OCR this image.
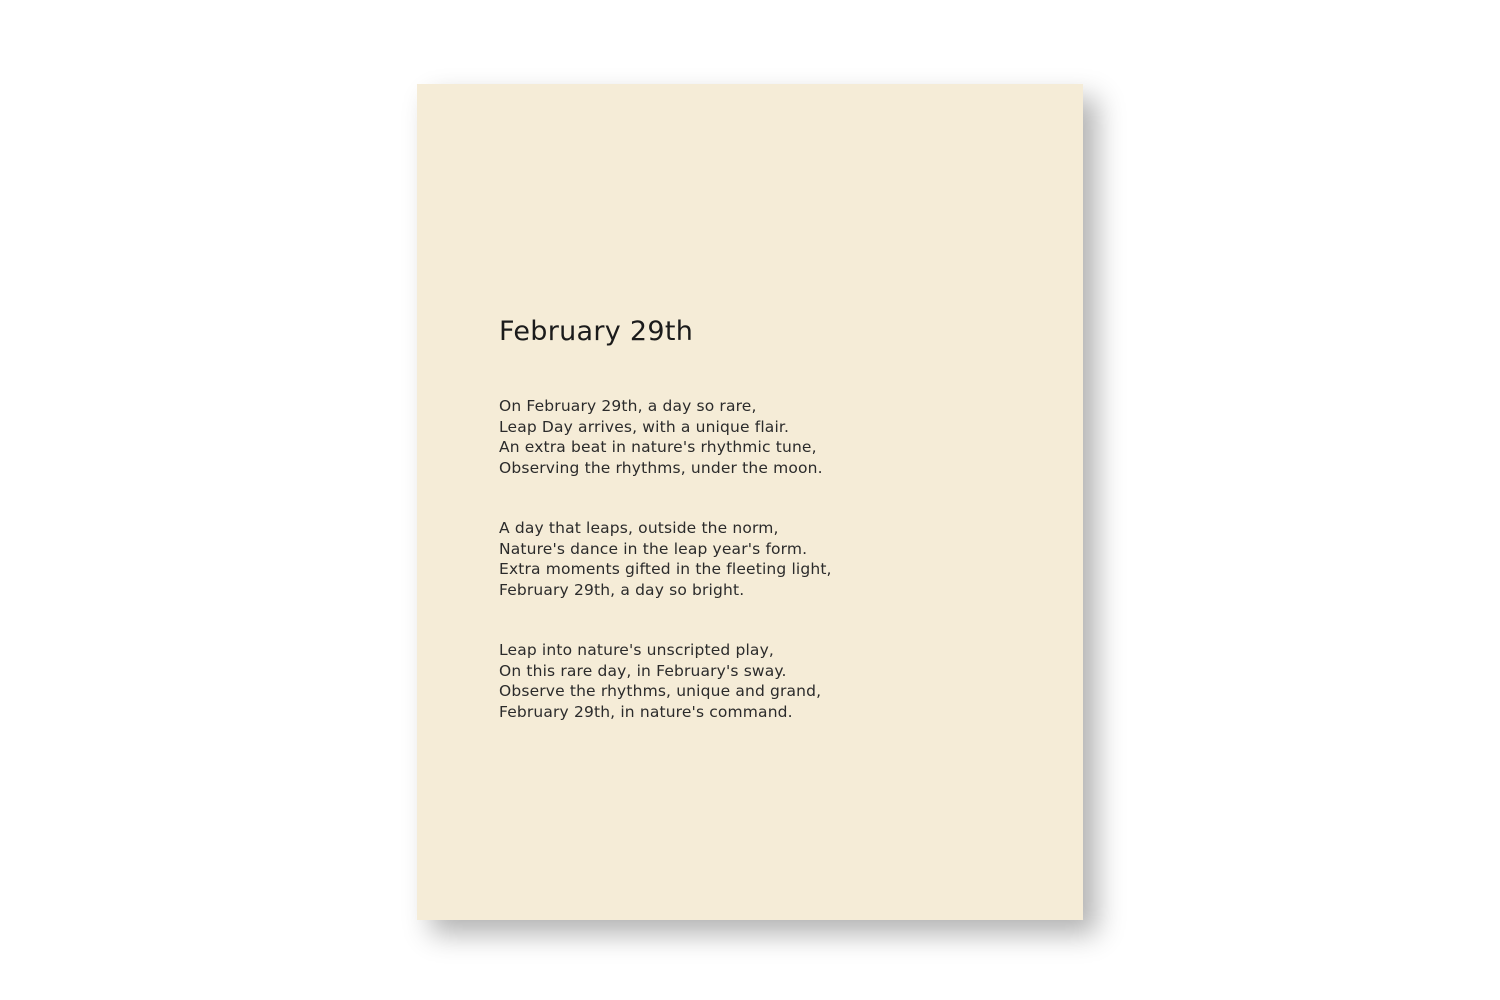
February 29th
On February 29th, a day so rare,
Leap Day arrives, with a unique flair.
An extra beat in nature's rhythmic tune,
Observing the rhythms, under the moon.
A day that leaps, outside the norm,
Nature's dance in the leap year's form.
Extra moments gifted in the fleeting light,
February 29th, a day so bright.
Leap into nature's unscripted play,
On this rare day, in February's sway.
Observe the rhythms, unique and grand,
February 29th, in nature's command.
